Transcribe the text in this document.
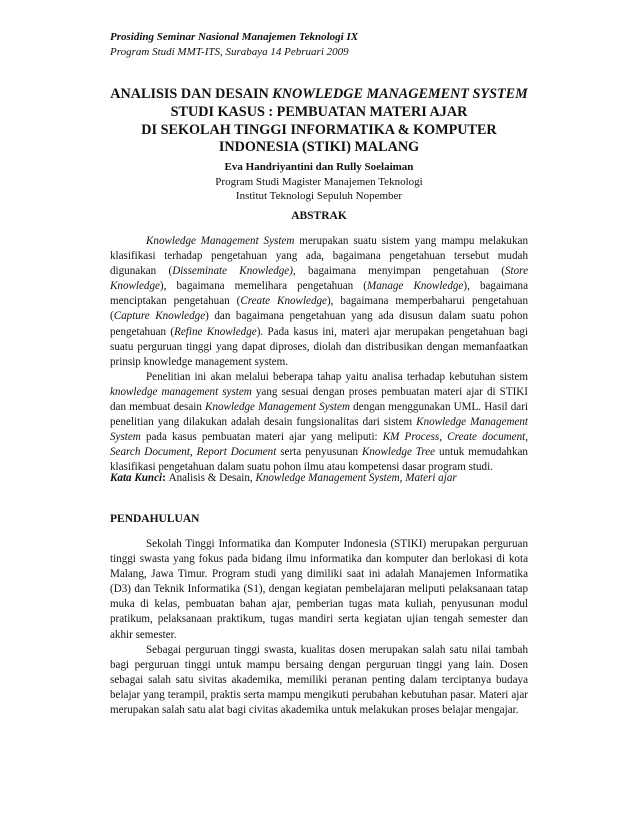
Prosiding Seminar Nasional Manajemen Teknologi IX
Program Studi MMT-ITS, Surabaya 14 Pebruari 2009
ANALISIS DAN DESAIN KNOWLEDGE MANAGEMENT SYSTEM
STUDI KASUS : PEMBUATAN MATERI AJAR
DI SEKOLAH TINGGI INFORMATIKA & KOMPUTER
INDONESIA (STIKI) MALANG
Eva Handriyantini dan Rully Soelaiman
Program Studi Magister Manajemen Teknologi
Institut Teknologi Sepuluh Nopember
ABSTRAK

Knowledge Management System merupakan suatu sistem yang mampu melakukan klasifikasi terhadap pengetahuan yang ada, bagaimana pengetahuan tersebut mudah digunakan (Disseminate Knowledge), bagaimana menyimpan pengetahuan (Store Knowledge), bagaimana memelihara pengetahuan (Manage Knowledge), bagaimana menciptakan pengetahuan (Create Knowledge), bagaimana memperbaharui pengetahuan (Capture Knowledge) dan bagaimana pengetahuan yang ada disusun dalam suatu pohon pengetahuan (Refine Knowledge). Pada kasus ini, materi ajar merupakan pengetahuan bagi suatu perguruan tinggi yang dapat diproses, diolah dan distribusikan dengan memanfaatkan prinsip knowledge management system.

Penelitian ini akan melalui beberapa tahap yaitu analisa terhadap kebutuhan sistem knowledge management system yang sesuai dengan proses pembuatan materi ajar di STIKI dan membuat desain Knowledge Management System dengan menggunakan UML. Hasil dari penelitian yang dilakukan adalah desain fungsionalitas dari sistem Knowledge Management System pada kasus pembuatan materi ajar yang meliputi: KM Process, Create document, Search Document, Report Document serta penyusunan Knowledge Tree untuk memudahkan klasifikasi pengetahuan dalam suatu pohon ilmu atau kompetensi dasar program studi.

Kata Kunci: Analisis & Desain, Knowledge Management System, Materi ajar
PENDAHULUAN

Sekolah Tinggi Informatika dan Komputer Indonesia (STIKI) merupakan perguruan tinggi swasta yang fokus pada bidang ilmu informatika dan komputer dan berlokasi di kota Malang, Jawa Timur. Program studi yang dimiliki saat ini adalah Manajemen Informatika (D3) dan Teknik Informatika (S1), dengan kegiatan pembelajaran meliputi pelaksanaan tatap muka di kelas, pembuatan bahan ajar, pemberian tugas mata kuliah, penyusunan modul pratikum, pelaksanaan praktikum, tugas mandiri serta kegiatan ujian tengah semester dan akhir semester.

Sebagai perguruan tinggi swasta, kualitas dosen merupakan salah satu nilai tambah bagi perguruan tinggi untuk mampu bersaing dengan perguruan tinggi yang lain. Dosen sebagai salah satu sivitas akademika, memiliki peranan penting dalam terciptanya budaya belajar yang terampil, praktis serta mampu mengikuti perubahan kebutuhan pasar. Materi ajar merupakan salah satu alat bagi civitas akademika untuk melakukan proses belajar mengajar.
